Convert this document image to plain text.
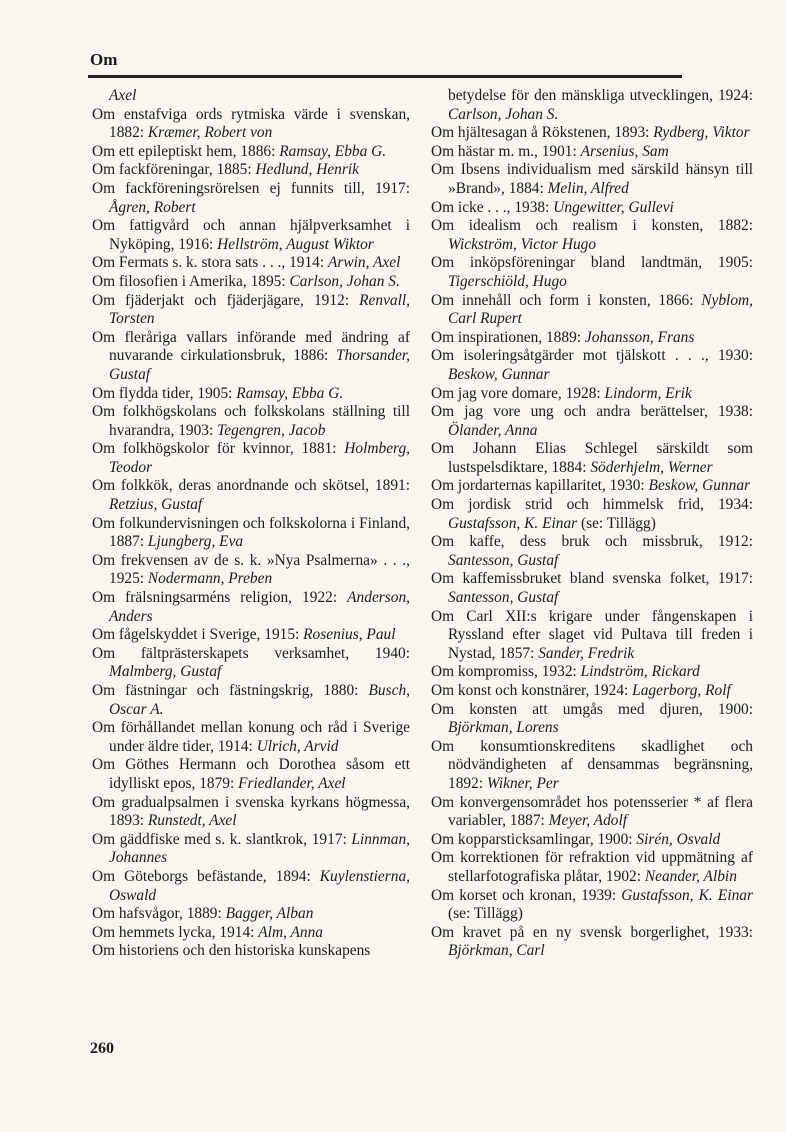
Om
Axel
Om enstafviga ords rytmiska värde i svenskan, 1882: Kræmer, Robert von
Om ett epileptiskt hem, 1886: Ramsay, Ebba G.
Om fackföreningar, 1885: Hedlund, Henrik
Om fackföreningsrörelsen ej funnits till, 1917: Ågren, Robert
Om fattigvård och annan hjälpverksamhet i Nyköping, 1916: Hellström, August Wiktor
Om Fermats s. k. stora sats . . ., 1914: Arwin, Axel
Om filosofien i Amerika, 1895: Carlson, Johan S.
Om fjäderjakt och fjäderjägare, 1912: Renvall, Torsten
Om fleråriga vallars införande med ändring af nuvarande cirkulationsbruk, 1886: Thorsander, Gustaf
Om flydda tider, 1905: Ramsay, Ebba G.
Om folkhögskolans och folkskolans ställning till hvarandra, 1903: Tegengren, Jacob
Om folkhögskolor för kvinnor, 1881: Holmberg, Teodor
Om folkkök, deras anordnande och skötsel, 1891: Retzius, Gustaf
Om folkundervisningen och folkskolorna i Finland, 1887: Ljungberg, Eva
Om frekvensen av de s. k. »Nya Psalmerna» . . ., 1925: Nodermann, Preben
Om frälsningsarméns religion, 1922: Anderson, Anders
Om fågelskyddet i Sverige, 1915: Rosenius, Paul
Om fältprästerskapets verksamhet, 1940: Malmberg, Gustaf
Om fästningar och fästningskrig, 1880: Busch, Oscar A.
Om förhållandet mellan konung och råd i Sverige under äldre tider, 1914: Ulrich, Arvid
Om Göthes Hermann och Dorothea såsom ett idylliskt epos, 1879: Friedlander, Axel
Om gradualpsalmen i svenska kyrkans högmessa, 1893: Runstedt, Axel
Om gäddfiske med s. k. slantkrok, 1917: Linnman, Johannes
Om Göteborgs befästande, 1894: Kuylenstierna, Oswald
Om hafsvågor, 1889: Bagger, Alban
Om hemmets lycka, 1914: Alm, Anna
Om historiens och den historiska kunskapens
betydelse för den mänskliga utvecklingen, 1924: Carlson, Johan S.
Om hjältesagan å Rökstenen, 1893: Rydberg, Viktor
Om hästar m. m., 1901: Arsenius, Sam
Om Ibsens individualism med särskild hänsyn till »Brand», 1884: Melin, Alfred
Om icke . . ., 1938: Ungewitter, Gullevi
Om idealism och realism i konsten, 1882: Wickström, Victor Hugo
Om inköpsföreningar bland landtmän, 1905: Tigerschiöld, Hugo
Om innehåll och form i konsten, 1866: Nyblom, Carl Rupert
Om inspirationen, 1889: Johansson, Frans
Om isoleringsåtgärder mot tjälskott . . ., 1930: Beskow, Gunnar
Om jag vore domare, 1928: Lindorm, Erik
Om jag vore ung och andra berättelser, 1938: Ölander, Anna
Om Johann Elias Schlegel särskildt som lustspelsdiktare, 1884: Söderhjelm, Werner
Om jordarternas kapillaritet, 1930: Beskow, Gunnar
Om jordisk strid och himmelsk frid, 1934: Gustafsson, K. Einar (se: Tillägg)
Om kaffe, dess bruk och missbruk, 1912: Santesson, Gustaf
Om kaffemissbruket bland svenska folket, 1917: Santesson, Gustaf
Om Carl XII:s krigare under fångenskapen i Ryssland efter slaget vid Pultava till freden i Nystad, 1857: Sander, Fredrik
Om kompromiss, 1932: Lindström, Rickard
Om konst och konstnärer, 1924: Lagerborg, Rolf
Om konsten att umgås med djuren, 1900: Björkman, Lorens
Om konsumtionskreditens skadlighet och nödvändigheten af densammas begränsning, 1892: Wikner, Per
Om konvergensområdet hos potensserier * af flera variabler, 1887: Meyer, Adolf
Om kopparsticksamlingar, 1900: Sirén, Osvald
Om korrektionen för refraktion vid uppmätning af stellarfotografiska plåtar, 1902: Neander, Albin
Om korset och kronan, 1939: Gustafsson, K. Einar (se: Tillägg)
Om kravet på en ny svensk borgerlighet, 1933: Björkman, Carl
260
